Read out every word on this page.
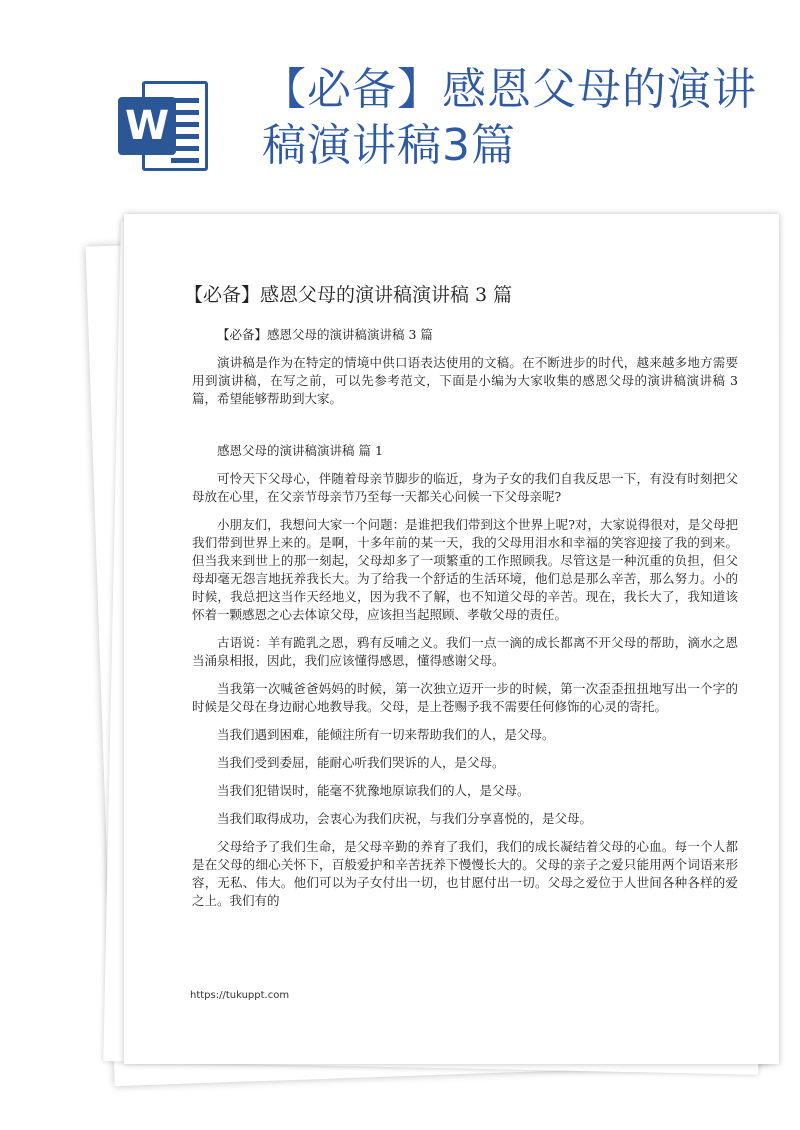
W
【必备】感恩父母的演讲稿演讲稿3篇
【必备】感恩父母的演讲稿演讲稿 3 篇

【必备】感恩父母的演讲稿演讲稿 3 篇

演讲稿是作为在特定的情境中供口语表达使用的文稿。在不断进步的时代，越来越多地方需要用到演讲稿，在写之前，可以先参考范文，下面是小编为大家收集的感恩父母的演讲稿演讲稿 3 篇，希望能够帮助到大家。

感恩父母的演讲稿演讲稿 篇 1

可怜天下父母心，伴随着母亲节脚步的临近，身为子女的我们自我反思一下，有没有时刻把父母放在心里，在父亲节母亲节乃至每一天都关心问候一下父母亲呢?

小朋友们，我想问大家一个问题：是谁把我们带到这个世界上呢?对，大家说得很对，是父母把我们带到世界上来的。是啊，十多年前的某一天，我的父母用泪水和幸福的笑容迎接了我的到来。但当我来到世上的那一刻起，父母却多了一项繁重的工作照顾我。尽管这是一种沉重的负担，但父母却毫无怨言地抚养我长大。为了给我一个舒适的生活环境，他们总是那么辛苦，那么努力。小的时候，我总把这当作天经地义，因为我不了解，也不知道父母的辛苦。现在，我长大了，我知道该怀着一颗感恩之心去体谅父母，应该担当起照顾、孝敬父母的责任。

古语说：羊有跪乳之恩，鸦有反哺之义。我们一点一滴的成长都离不开父母的帮助，滴水之恩当涌泉相报，因此，我们应该懂得感恩，懂得感谢父母。

当我第一次喊爸爸妈妈的时候，第一次独立迈开一步的时候，第一次歪歪扭扭地写出一个字的时候是父母在身边耐心地教导我。父母，是上苍赐予我不需要任何修饰的心灵的寄托。

当我们遇到困难，能倾注所有一切来帮助我们的人，是父母。

当我们受到委屈，能耐心听我们哭诉的人，是父母。

当我们犯错误时，能毫不犹豫地原谅我们的人，是父母。

当我们取得成功，会衷心为我们庆祝，与我们分享喜悦的，是父母。

父母给予了我们生命，是父母辛勤的养育了我们，我们的成长凝结着父母的心血。每一个人都是在父母的细心关怀下，百般爱护和辛苦抚养下慢慢长大的。父母的亲子之爱只能用两个词语来形容，无私、伟大。他们可以为子女付出一切，也甘愿付出一切。父母之爱位于人世间各种各样的爱之上。我们有的

https://tukuppt.com
